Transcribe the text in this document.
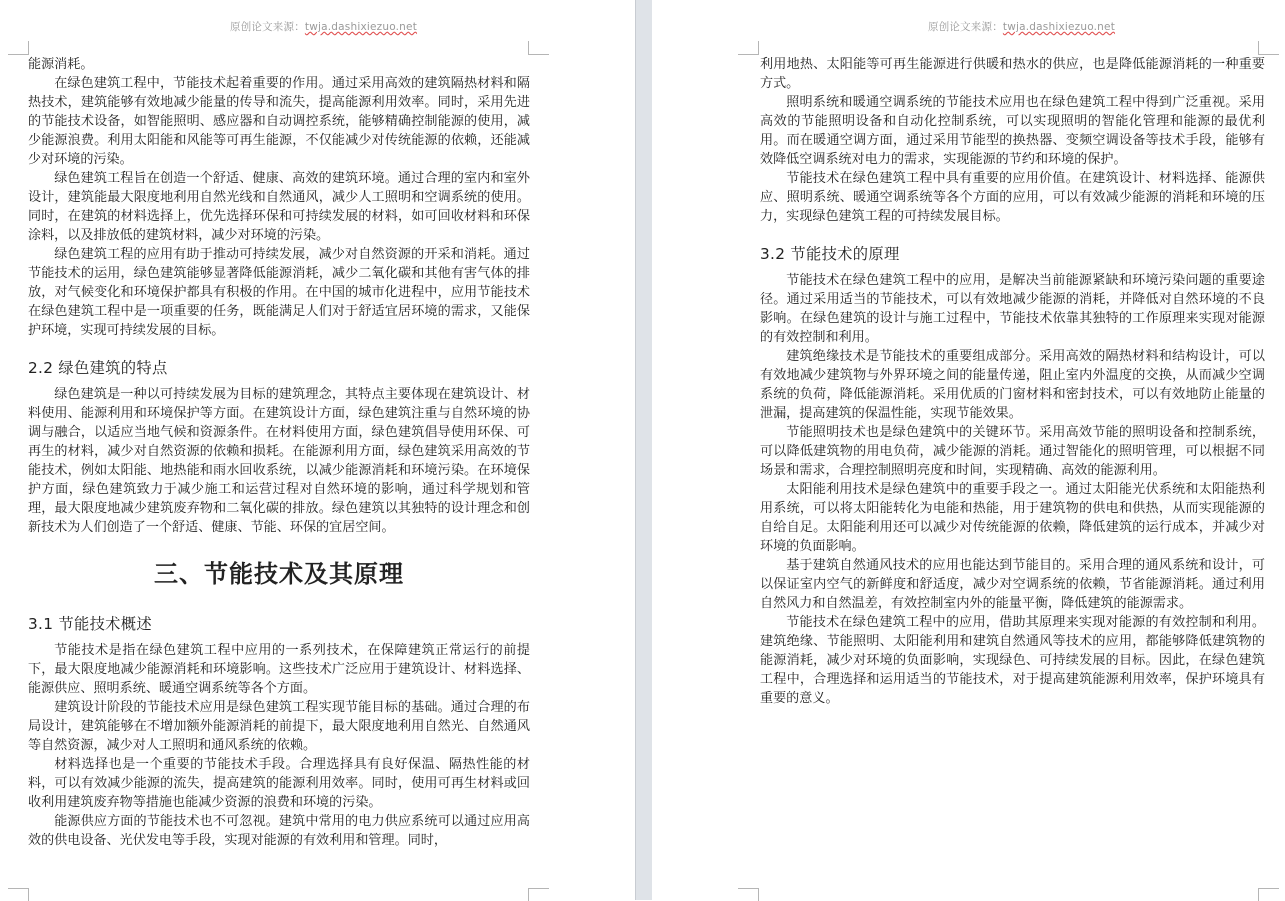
原创论文来源：twja.dashixiezuo.net

能源消耗。

在绿色建筑工程中，节能技术起着重要的作用。通过采用高效的建筑隔热材料和隔热技术，建筑能够有效地减少能量的传导和流失，提高能源利用效率。同时，采用先进的节能技术设备，如智能照明、感应器和自动调控系统，能够精确控制能源的使用，减少能源浪费。利用太阳能和风能等可再生能源，不仅能减少对传统能源的依赖，还能减少对环境的污染。

绿色建筑工程旨在创造一个舒适、健康、高效的建筑环境。通过合理的室内和室外设计，建筑能最大限度地利用自然光线和自然通风，减少人工照明和空调系统的使用。同时，在建筑的材料选择上，优先选择环保和可持续发展的材料，如可回收材料和环保涂料，以及排放低的建筑材料，减少对环境的污染。

绿色建筑工程的应用有助于推动可持续发展，减少对自然资源的开采和消耗。通过节能技术的运用，绿色建筑能够显著降低能源消耗，减少二氧化碳和其他有害气体的排放，对气候变化和环境保护都具有积极的作用。在中国的城市化进程中，应用节能技术在绿色建筑工程中是一项重要的任务，既能满足人们对于舒适宜居环境的需求，又能保护环境，实现可持续发展的目标。

2.2 绿色建筑的特点

绿色建筑是一种以可持续发展为目标的建筑理念，其特点主要体现在建筑设计、材料使用、能源利用和环境保护等方面。在建筑设计方面，绿色建筑注重与自然环境的协调与融合，以适应当地气候和资源条件。在材料使用方面，绿色建筑倡导使用环保、可再生的材料，减少对自然资源的依赖和损耗。在能源利用方面，绿色建筑采用高效的节能技术，例如太阳能、地热能和雨水回收系统，以减少能源消耗和环境污染。在环境保护方面，绿色建筑致力于减少施工和运营过程对自然环境的影响，通过科学规划和管理，最大限度地减少建筑废弃物和二氧化碳的排放。绿色建筑以其独特的设计理念和创新技术为人们创造了一个舒适、健康、节能、环保的宜居空间。

三、节能技术及其原理
3.1 节能技术概述

节能技术是指在绿色建筑工程中应用的一系列技术，在保障建筑正常运行的前提下，最大限度地减少能源消耗和环境影响。这些技术广泛应用于建筑设计、材料选择、能源供应、照明系统、暖通空调系统等各个方面。

建筑设计阶段的节能技术应用是绿色建筑工程实现节能目标的基础。通过合理的布局设计，建筑能够在不增加额外能源消耗的前提下，最大限度地利用自然光、自然通风等自然资源，减少对人工照明和通风系统的依赖。

材料选择也是一个重要的节能技术手段。合理选择具有良好保温、隔热性能的材料，可以有效减少能源的流失，提高建筑的能源利用效率。同时，使用可再生材料或回收利用建筑废弃物等措施也能减少资源的浪费和环境的污染。

能源供应方面的节能技术也不可忽视。建筑中常用的电力供应系统可以通过应用高效的供电设备、光伏发电等手段，实现对能源的有效利用和管理。同时，

原创论文来源：twja.dashixiezuo.net

利用地热、太阳能等可再生能源进行供暖和热水的供应，也是降低能源消耗的一种重要方式。

照明系统和暖通空调系统的节能技术应用也在绿色建筑工程中得到广泛重视。采用高效的节能照明设备和自动化控制系统，可以实现照明的智能化管理和能源的最优利用。而在暖通空调方面，通过采用节能型的换热器、变频空调设备等技术手段，能够有效降低空调系统对电力的需求，实现能源的节约和环境的保护。

节能技术在绿色建筑工程中具有重要的应用价值。在建筑设计、材料选择、能源供应、照明系统、暖通空调系统等各个方面的应用，可以有效减少能源的消耗和环境的压力，实现绿色建筑工程的可持续发展目标。

3.2 节能技术的原理

节能技术在绿色建筑工程中的应用，是解决当前能源紧缺和环境污染问题的重要途径。通过采用适当的节能技术，可以有效地减少能源的消耗，并降低对自然环境的不良影响。在绿色建筑的设计与施工过程中，节能技术依靠其独特的工作原理来实现对能源的有效控制和利用。

建筑绝缘技术是节能技术的重要组成部分。采用高效的隔热材料和结构设计，可以有效地减少建筑物与外界环境之间的能量传递，阻止室内外温度的交换，从而减少空调系统的负荷，降低能源消耗。采用优质的门窗材料和密封技术，可以有效地防止能量的泄漏，提高建筑的保温性能，实现节能效果。

节能照明技术也是绿色建筑中的关键环节。采用高效节能的照明设备和控制系统，可以降低建筑物的用电负荷，减少能源的消耗。通过智能化的照明管理，可以根据不同场景和需求，合理控制照明亮度和时间，实现精确、高效的能源利用。

太阳能利用技术是绿色建筑中的重要手段之一。通过太阳能光伏系统和太阳能热利用系统，可以将太阳能转化为电能和热能，用于建筑物的供电和供热，从而实现能源的自给自足。太阳能利用还可以减少对传统能源的依赖，降低建筑的运行成本，并减少对环境的负面影响。

基于建筑自然通风技术的应用也能达到节能目的。采用合理的通风系统和设计，可以保证室内空气的新鲜度和舒适度，减少对空调系统的依赖，节省能源消耗。通过利用自然风力和自然温差，有效控制室内外的能量平衡，降低建筑的能源需求。

节能技术在绿色建筑工程中的应用，借助其原理来实现对能源的有效控制和利用。建筑绝缘、节能照明、太阳能利用和建筑自然通风等技术的应用，都能够降低建筑物的能源消耗，减少对环境的负面影响，实现绿色、可持续发展的目标。因此，在绿色建筑工程中，合理选择和运用适当的节能技术，对于提高建筑能源利用效率，保护环境具有重要的意义。
